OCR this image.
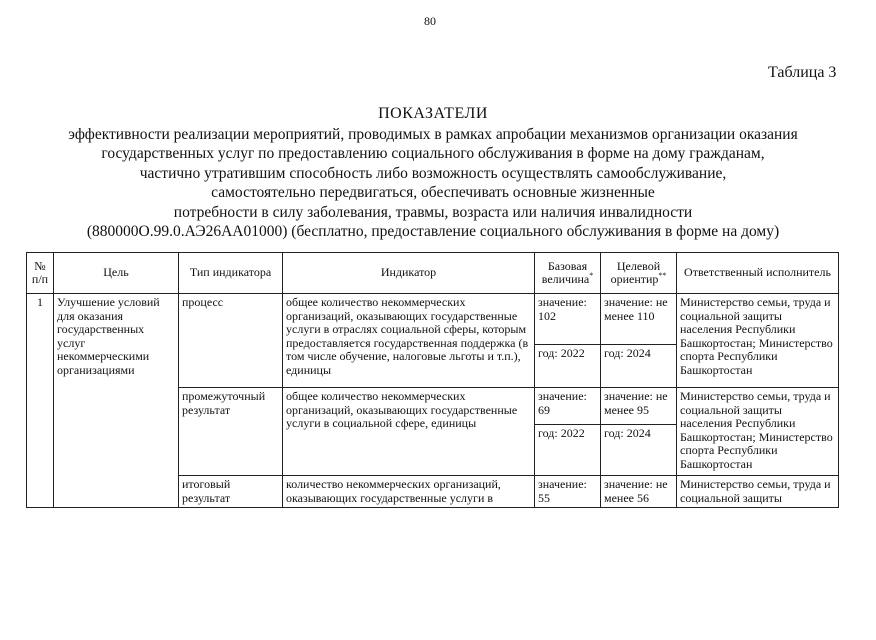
80
Таблица 3
ПОКАЗАТЕЛИ
эффективности реализации мероприятий, проводимых в рамках апробации механизмов организации оказания
государственных услуг по предоставлению социального обслуживания в форме на дому гражданам,
частично утратившим способность либо возможность осуществлять самообслуживание,
самостоятельно передвигаться, обеспечивать основные жизненные
потребности в силу заболевания, травмы, возраста или наличия инвалидности
(880000О.99.0.АЭ26АА01000) (бесплатно, предоставление социального обслуживания в форме на дому)
№ п/п	Цель	Тип индикатора	Индикатор	Базовая величина*	Целевой ориентир**	Ответственный исполнитель
1	Улучшение условий для оказания государственных услуг некоммерческими организациями	процесс	общее количество некоммерческих организаций, оказывающих государственные услуги в отраслях социальной сферы, которым предоставляется государственная поддержка (в том числе обучение, налоговые льготы и т.п.), единицы	значение: 102	значение: не менее 110	Министерство семьи, труда и социальной защиты населения Республики Башкортостан; Министерство спорта Республики Башкортостан
				год: 2022	год: 2024	
		промежуточный результат	общее количество некоммерческих организаций, оказывающих государственные услуги в социальной сфере, единицы	значение: 69	значение: не менее 95	Министерство семьи, труда и социальной защиты населения Республики Башкортостан; Министерство спорта Республики Башкортостан
				год: 2022	год: 2024	
		итоговый результат	количество некоммерческих организаций, оказывающих государственные услуги в	значение: 55	значение: не менее 56	Министерство семьи, труда и социальной защиты
